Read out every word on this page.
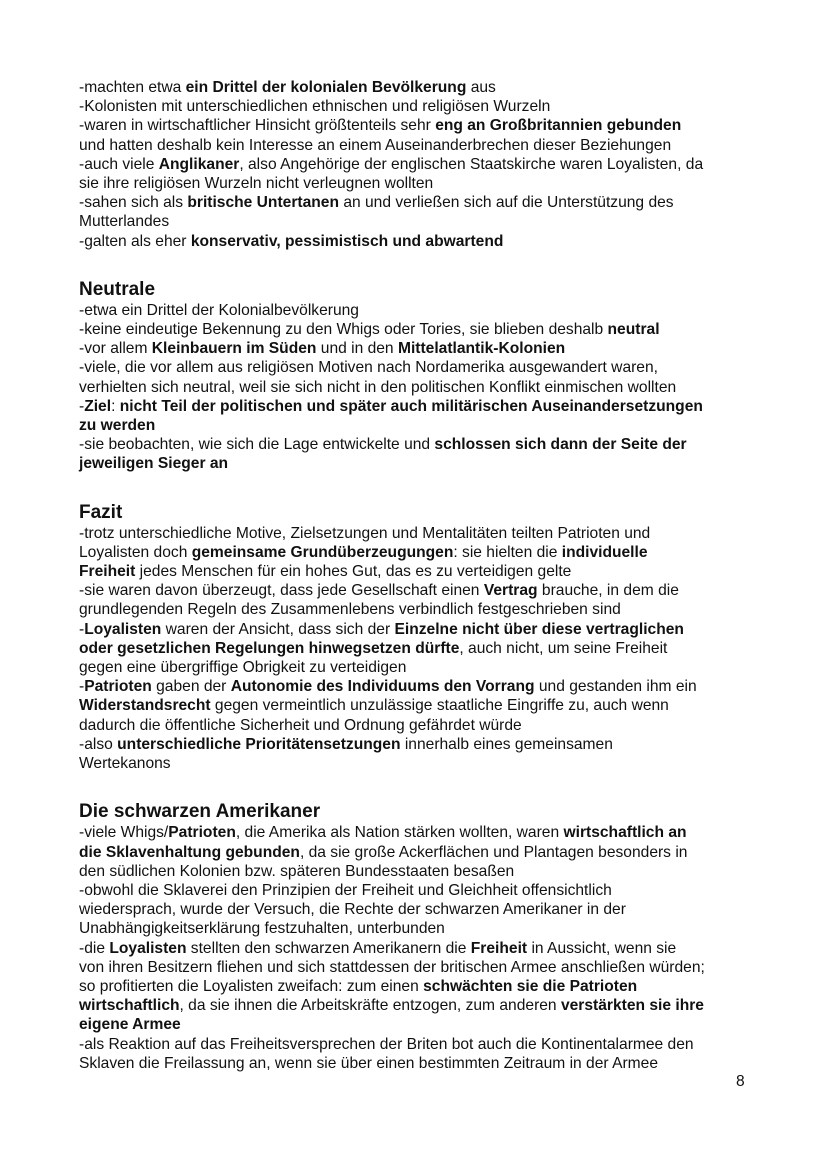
-machten etwa ein Drittel der kolonialen Bevölkerung aus
-Kolonisten mit unterschiedlichen ethnischen und religiösen Wurzeln
-waren in wirtschaftlicher Hinsicht größtenteils sehr eng an Großbritannien gebunden
und hatten deshalb kein Interesse an einem Auseinanderbrechen dieser Beziehungen
-auch viele Anglikaner, also Angehörige der englischen Staatskirche waren Loyalisten, da
sie ihre religiösen Wurzeln nicht verleugnen wollten
-sahen sich als britische Untertanen an und verließen sich auf die Unterstützung des
Mutterlandes
-galten als eher konservativ, pessimistisch und abwartend
Neutrale
-etwa ein Drittel der Kolonialbevölkerung
-keine eindeutige Bekennung zu den Whigs oder Tories, sie blieben deshalb neutral
-vor allem Kleinbauern im Süden und in den Mittelatlantik-Kolonien
-viele, die vor allem aus religiösen Motiven nach Nordamerika ausgewandert waren,
verhielten sich neutral, weil sie sich nicht in den politischen Konflikt einmischen wollten
-Ziel: nicht Teil der politischen und später auch militärischen Auseinandersetzungen
zu werden
-sie beobachten, wie sich die Lage entwickelte und schlossen sich dann der Seite der
jeweiligen Sieger an
Fazit
-trotz unterschiedliche Motive, Zielsetzungen und Mentalitäten teilten Patrioten und
Loyalisten doch gemeinsame Grundüberzeugungen: sie hielten die individuelle
Freiheit jedes Menschen für ein hohes Gut, das es zu verteidigen gelte
-sie waren davon überzeugt, dass jede Gesellschaft einen Vertrag brauche, in dem die
grundlegenden Regeln des Zusammenlebens verbindlich festgeschrieben sind
-Loyalisten waren der Ansicht, dass sich der Einzelne nicht über diese vertraglichen
oder gesetzlichen Regelungen hinwegsetzen dürfte, auch nicht, um seine Freiheit
gegen eine übergriffige Obrigkeit zu verteidigen
-Patrioten gaben der Autonomie des Individuums den Vorrang und gestanden ihm ein
Widerstandsrecht gegen vermeintlich unzulässige staatliche Eingriffe zu, auch wenn
dadurch die öffentliche Sicherheit und Ordnung gefährdet würde
-also unterschiedliche Prioritätensetzungen innerhalb eines gemeinsamen
Wertekanons
Die schwarzen Amerikaner
-viele Whigs/Patrioten, die Amerika als Nation stärken wollten, waren wirtschaftlich an
die Sklavenhaltung gebunden, da sie große Ackerflächen und Plantagen besonders in
den südlichen Kolonien bzw. späteren Bundesstaaten besaßen
-obwohl die Sklaverei den Prinzipien der Freiheit und Gleichheit offensichtlich
wiedersprach, wurde der Versuch, die Rechte der schwarzen Amerikaner in der
Unabhängigkeitserklärung festzuhalten, unterbunden
-die Loyalisten stellten den schwarzen Amerikanern die Freiheit in Aussicht, wenn sie
von ihren Besitzern fliehen und sich stattdessen der britischen Armee anschließen würden;
so profitierten die Loyalisten zweifach: zum einen schwächten sie die Patrioten
wirtschaftlich, da sie ihnen die Arbeitskräfte entzogen, zum anderen verstärkten sie ihre
eigene Armee
-als Reaktion auf das Freiheitsversprechen der Briten bot auch die Kontinentalarmee den
Sklaven die Freilassung an, wenn sie über einen bestimmten Zeitraum in der Armee
8
